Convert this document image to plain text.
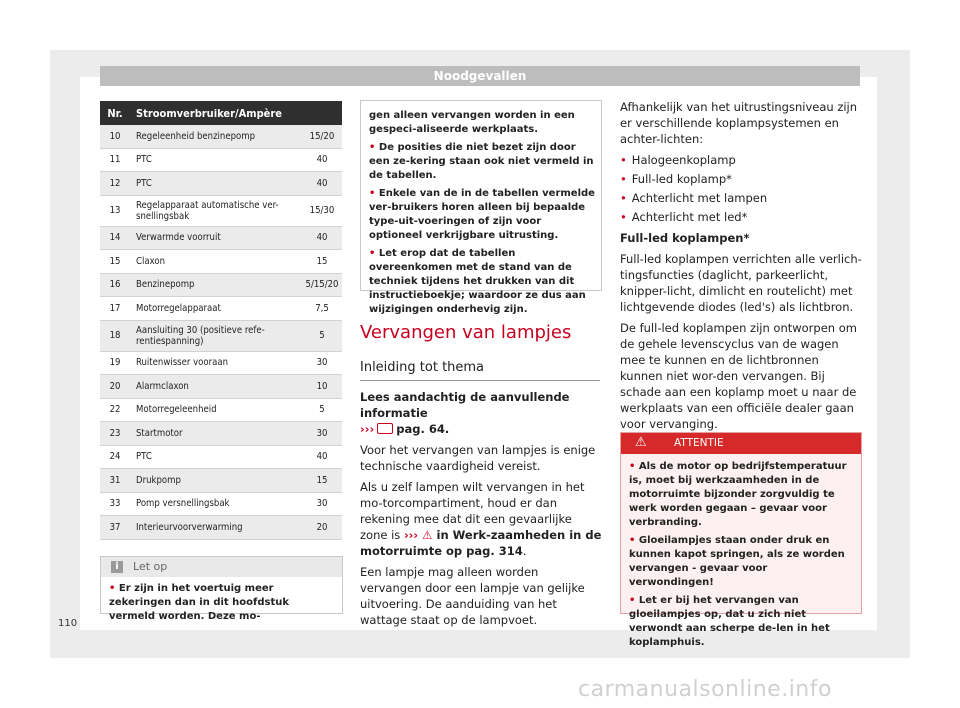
Noodgevallen
Nr.	Stroomverbruiker/Ampère	
10	Regeleenheid benzinepomp	15/20
11	PTC	40
12	PTC	40
13	Regelapparaat automatische ver-snellingsbak	15/30
14	Verwarmde voorruit	40
15	Claxon	15
16	Benzinepomp	5/15/20
17	Motorregelapparaat	7,5
18	Aansluiting 30 (positieve refe-rentiespanning)	5
19	Ruitenwisser vooraan	30
20	Alarmclaxon	10
22	Motorregeleenheid	5
23	Startmotor	30
24	PTC	40
31	Drukpomp	15
33	Pomp versnellingsbak	30
37	Interieurvoorverwarming	20
i	Let op
• Er zijn in het voertuig meer zekeringen dan in dit hoofdstuk vermeld worden. Deze mo-

gen alleen vervangen worden in een gespeci-aliseerde werkplaats.

• De posities die niet bezet zijn door een ze-kering staan ook niet vermeld in de tabellen.

• Enkele van de in de tabellen vermelde ver-bruikers horen alleen bij bepaalde type-uit-voeringen of zijn voor optioneel verkrijgbare uitrusting.

• Let erop dat de tabellen overeenkomen met de stand van de techniek tijdens het drukken van dit instructieboekje; waardoor ze dus aan wijzigingen onderhevig zijn.

Vervangen van lampjes
Inleiding tot thema

Lees aandachtig de aanvullende informatie
››› pag. 64.

Voor het vervangen van lampjes is enige technische vaardigheid vereist.

Als u zelf lampen wilt vervangen in het mo-torcompartiment, houd er dan rekening mee dat dit een gevaarlijke zone is ››› ⚠ in Werk-zaamheden in de motorruimte op pag. 314.

Een lampje mag alleen worden vervangen door een lampje van gelijke uitvoering. De aanduiding van het wattage staat op de lampvoet.

Afhankelijk van het uitrustingsniveau zijn er verschillende koplampsystemen en achter-lichten:

• Halogeenkoplamp
• Full-led koplamp*
• Achterlicht met lampen
• Achterlicht met led*

Full-led koplampen*

Full-led koplampen verrichten alle verlich-tingsfuncties (daglicht, parkeerlicht, knipper-licht, dimlicht en routelicht) met lichtgevende diodes (led's) als lichtbron.

De full-led koplampen zijn ontworpen om de gehele levenscyclus van de wagen mee te kunnen en de lichtbronnen kunnen niet wor-den vervangen. Bij schade aan een koplamp moet u naar de werkplaats van een officiële dealer gaan voor vervanging.

⚠	ATTENTIE

• Als de motor op bedrijfstemperatuur is, moet bij werkzaamheden in de motorruimte bijzonder zorgvuldig te werk worden gegaan – gevaar voor verbranding.

• Gloeilampjes staan onder druk en kunnen kapot springen, als ze worden vervangen - gevaar voor verwondingen!

• Let er bij het vervangen van gloeilampjes op, dat u zich niet verwondt aan scherpe de-len in het koplamphuis.

110
carmanualsonline.info
